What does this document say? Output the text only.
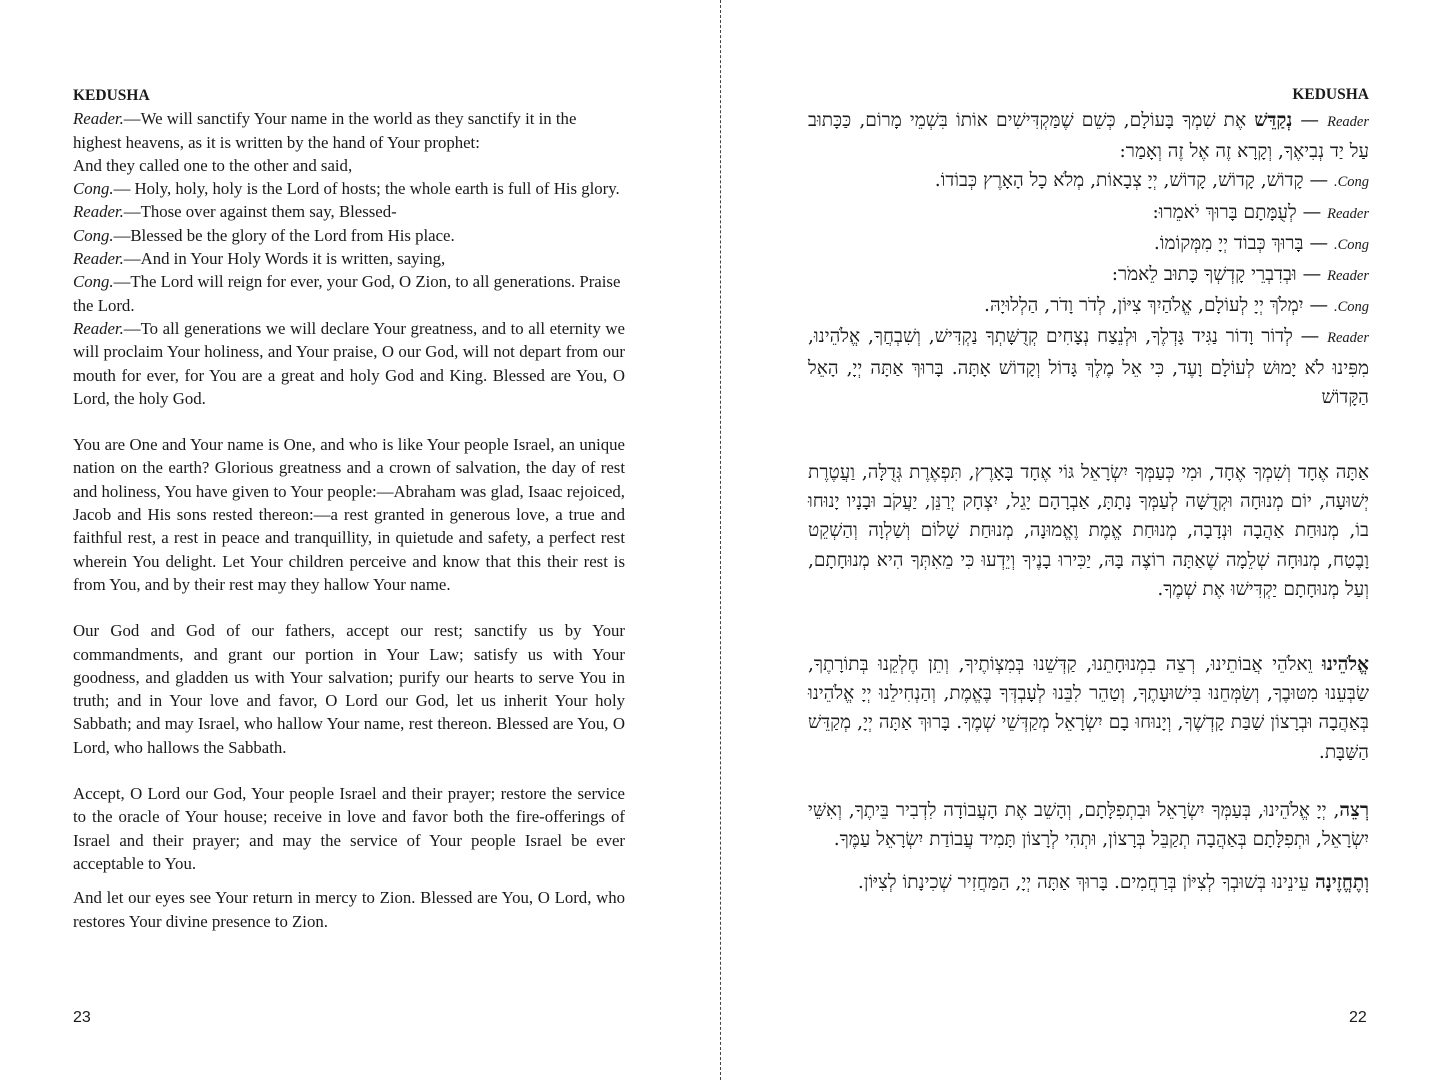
KEDUSHA

Reader.—We will sanctify Your name in the world as they sanctify it in the highest heavens, as it is written by the hand of Your prophet:

And they called one to the other and said,

Cong.— Holy, holy, holy is the Lord of hosts; the whole earth is full of His glory.

Reader.—Those over against them say, Blessed-

Cong.—Blessed be the glory of the Lord from His place.

Reader.—And in Your Holy Words it is written, saying,

Cong.—The Lord will reign for ever, your God, O Zion, to all generations. Praise the Lord.

Reader.—To all generations we will declare Your greatness, and to all eternity we will proclaim Your holiness, and Your praise, O our God, will not depart from our mouth for ever, for You are a great and holy God and King. Blessed are You, O Lord, the holy God.

You are One and Your name is One, and who is like Your people Israel, an unique nation on the earth? Glorious greatness and a crown of salvation, the day of rest and holiness, You have given to Your people:—Abraham was glad, Isaac rejoiced, Jacob and His sons rested thereon:—a rest granted in generous love, a true and faithful rest, a rest in peace and tranquillity, in quietude and safety, a perfect rest wherein You delight. Let Your children perceive and know that this their rest is from You, and by their rest may they hallow Your name.

Our God and God of our fathers, accept our rest; sanctify us by Your commandments, and grant our portion in Your Law; satisfy us with Your goodness, and gladden us with Your salvation; purify our hearts to serve You in truth; and in Your love and favor, O Lord our God, let us inherit Your holy Sabbath; and may Israel, who hallow Your name, rest thereon. Blessed are You, O Lord, who hallows the Sabbath.

Accept, O Lord our God, Your people Israel and their prayer; restore the service to the oracle of Your house; receive in love and favor both the fire-offerings of Israel and their prayer; and may the service of Your people Israel be ever acceptable to You.

And let our eyes see Your return in mercy to Zion. Blessed are You, O Lord, who restores Your divine presence to Zion.

23

KEDUSHA

Reader — נְקַדֵּשׁ אֶת שִׁמְךָ בָּעוֹלָם, כְּשֵׁם שֶׁמַּקְדִּישִׁים אוֹתוֹ בִּשְׁמֵי מָרוֹם, כַּכָּתוּב עַל יַד נְבִיאֶךָ, וְקָרָא זֶה אֶל זֶה וְאָמַר:

Cong. — קָדוֹשׁ, קָדוֹשׁ, קָדוֹשׁ, יְיָ צְבָאוֹת, מְלֹא כָל הָאָרֶץ כְּבוֹדוֹ.

Reader — לְעֻמָּתָם בָּרוּךְ יֹאמֵרוּ:

Cong. — בָּרוּךְ כְּבוֹד יְיָ מִמְּקוֹמוֹ.

Reader — וּבְדִבְרֵי קָדְשְׁךָ כָּתוּב לֵאמֹר:

Cong. — יִמְלֹךְ יְיָ לְעוֹלָם, אֱלֹהַיִךְ צִיּוֹן, לְדֹר וָדֹר, הַלְלוּיָהּ.

Reader — לְדוֹר וָדוֹר נַגִּיד גָּדְלֶךָ, וּלְנֵצַח נְצָחִים קְדֻשָּׁתְךָ נַקְדִּישׁ, וְשִׁבְחֲךָ, אֱלֹהֵינוּ, מִפִּינוּ לֹא יָמוּשׁ לְעוֹלָם וָעֶד, כִּי אֵל מֶלֶךְ גָּדוֹל וְקָדוֹשׁ אָתָּה. בָּרוּךְ אַתָּה יְיָ, הָאֵל הַקָּדוֹשׁ

אַתָּה אֶחָד וְשִׁמְךָ אֶחָד, וּמִי כְּעַמְּךָ יִשְׂרָאֵל גּוֹי אֶחָד בָּאָרֶץ, תִּפְאֶרֶת גְּדֻלָּה, וַעֲטֶרֶת יְשׁוּעָה, יוֹם מְנוּחָה וּקְדֻשָּׁה לְעַמְּךָ נָתָתָּ, אַבְרָהָם יָגֵל, יִצְחָק יְרַנֵּן, יַעֲקֹב וּבָנָיו יָנוּחוּ בוֹ, מְנוּחַת אַהֲבָה וּנְדָבָה, מְנוּחַת אֱמֶת וֶאֱמוּנָה, מְנוּחַת שָׁלוֹם וְשַׁלְוָה וְהַשְׁקֵט וָבֶטַח, מְנוּחָה שְׁלֵמָה שֶׁאַתָּה רוֹצֶה בָּהּ, יַכִּירוּ בָנֶיךָ וְיֵדְעוּ כִּי מֵאִתְּךָ הִיא מְנוּחָתָם, וְעַל מְנוּחָתָם יַקְדִּישׁוּ אֶת שְׁמֶךָ.

אֱלֹהֵינוּ וֵאלֹהֵי אֲבוֹתֵינוּ, רְצֵה בִמְנוּחָתֵנוּ, קַדְּשֵׁנוּ בְּמִצְוֹתֶיךָ, וְתֵן חֶלְקֵנוּ בְּתוֹרָתֶךָ, שַׂבְּעֵנוּ מִטּוּבֶךָ, וְשַׂמְּחֵנוּ בִּישׁוּעָתֶךָ, וְטַהֵר לִבֵּנוּ לְעָבְדְּךָ בֶּאֱמֶת, וְהַנְחִילֵנוּ יְיָ אֱלֹהֵינוּ בְּאַהֲבָה וּבְרָצוֹן שַׁבַּת קָדְשֶׁךָ, וְיָנוּחוּ בָם יִשְׂרָאֵל מְקַדְּשֵׁי שְׁמֶךָ. בָּרוּךְ אַתָּה יְיָ, מְקַדֵּשׁ הַשַּׁבָּת.

רְצֵה, יְיָ אֱלֹהֵינוּ, בְּעַמְּךָ יִשְׂרָאֵל וּבִתְפִלָּתָם, וְהָשֵׁב אֶת הָעֲבוֹדָה לִדְבִיר בֵּיתֶךָ, וְאִשֵּׁי יִשְׂרָאֵל, וּתְפִלָּתָם בְּאַהֲבָה תְקַבֵּל בְּרָצוֹן, וּתְהִי לְרָצוֹן תָּמִיד עֲבוֹדַת יִשְׂרָאֵל עַמֶּךָ.

וְתֶחֱזֶינָה עֵינֵינוּ בְּשׁוּבְךָ לְצִיּוֹן בְּרַחֲמִים. בָּרוּךְ אַתָּה יְיָ, הַמַּחֲזִיר שְׁכִינָתוֹ לְצִיּוֹן.

22
